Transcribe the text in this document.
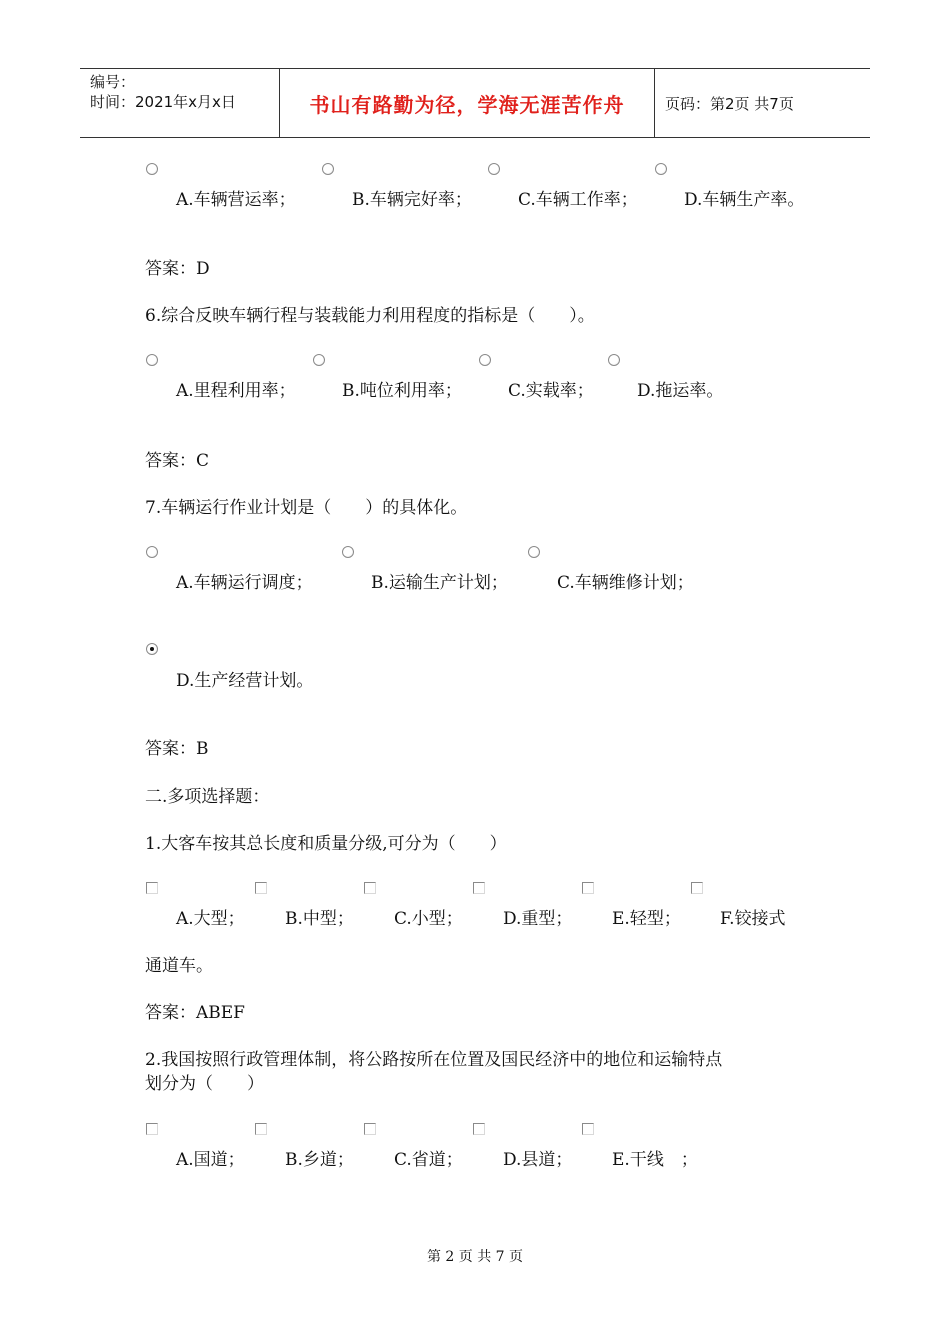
编号：
时间：2021年x月x日	书山有路勤为径，学海无涯苦作舟	页码：第2页 共7页
A.车辆营运率；	B.车辆完好率；	C.车辆工作率；	D.车辆生产率。
答案：D
6.综合反映车辆行程与装载能力利用程度的指标是（　　）。
A.里程利用率；	B.吨位利用率；	C.实载率；	D.拖运率。
答案：C
7.车辆运行作业计划是（　　）的具体化。
A.车辆运行调度；	B.运输生产计划；	C.车辆维修计划；
D.生产经营计划。
答案：B
二.多项选择题：
1.大客车按其总长度和质量分级,可分为（　　）
A.大型； B.中型； C.小型； D.重型； E.轻型； F.铰接式
通道车。
答案：ABEF
2.我国按照行政管理体制，将公路按所在位置及国民经济中的地位和运输特点
划分为（　　）
A.国道； B.乡道； C.省道； D.县道； E.干线　；
第 2 页 共 7 页
